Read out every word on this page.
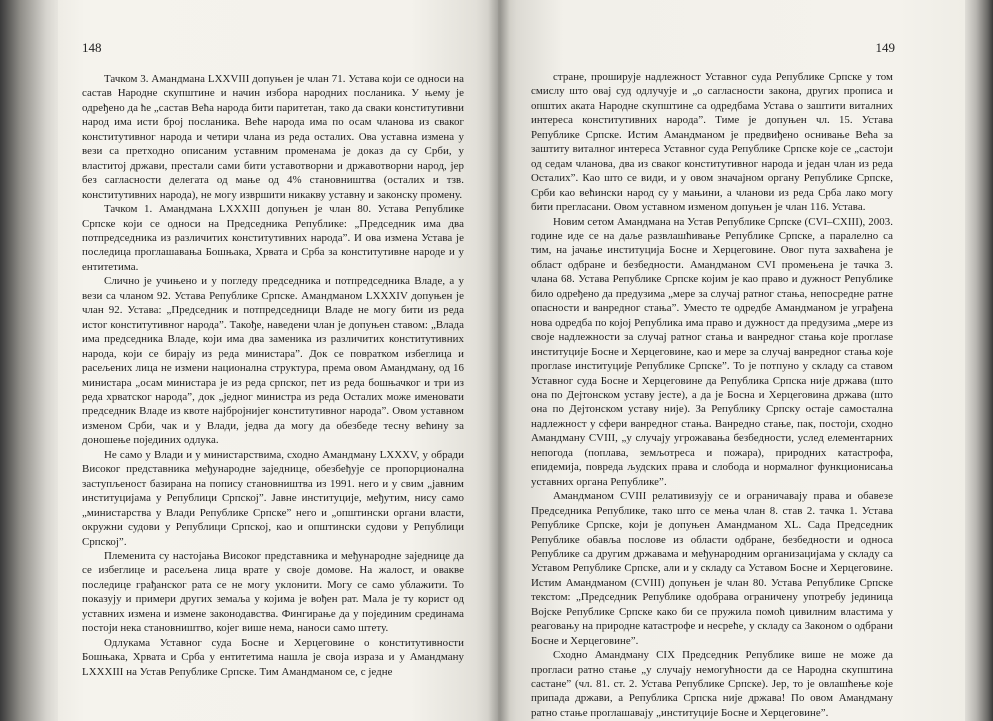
148

Тачком 3. Амандмана LXXVIII допуњен је члан 71. Устава који се односи на састав Народне скупштине и начин избора народних посланика. У њему је одређено да ће „састав Већа народа бити паритетан, тако да сваки конститутивни народ има исти број посланика. Веће народа има по осам чланова из сваког конститутивног народа и четири члана из реда осталих. Ова уставна измена у вези са претходно описаним уставним променама је доказ да су Срби, у властитој држави, престали сами бити уставотворни и државотворни народ, јер без сагласности делегата од мање од 4% становништва (осталих и тзв. конститутивних народа), не могу извршити никакву уставну и законску промену.

Тачком 1. Амандмана LXXXIII допуњен је члан 80. Устава Републике Српске који се односи на Председника Републике: „Председник има два потпредседника из различитих конститутивних народа”. И ова измена Устава је последица проглашавања Бошњака, Хрвата и Срба за конститутивне народе и у ентитетима.

Слично је учињено и у погледу председника и потпредседника Владе, а у вези са чланом 92. Устава Републике Српске. Амандманом LXXXIV допуњен је члан 92. Устава: „Председник и потпредседници Владе не могу бити из реда истог конститутивног народа”. Такође, наведени члан је допуњен ставом: „Влада има председника Владе, који има два заменика из различитих конститутивних народа, који се бирају из реда министара”. Док се повратком избеглица и расељених лица не измени национална структура, према овом Амандману, од 16 министара „осам министара је из реда српског, пет из реда бошњачког и три из реда хрватског народа”, док „једног министра из реда Осталих може именовати председник Владе из квоте најбројнијег конститутивног народа”. Овом уставном изменом Срби, чак и у Влади, једва да могу да обезбеде тесну већину за доношење појединих одлука.

Не само у Влади и у министарствима, сходно Амандману LXXXV, у обради Високог представника међународне заједнице, обезбеђује се пропорционална заступљеност базирана на попису становништва из 1991. него и у свим „јавним институцијама у Републици Српској”. Јавне институције, међутим, нису само „министарства у Влади Републике Српске” него и „општински органи власти, окружни судови у Републици Српској, као и општински судови у Републици Српској”.

Племенита су настојања Високог представника и међународне заједнице да се избеглице и расељена лица врате у своје домове. На жалост, и овакве последице грађанског рата се не могу уклонити. Могу се само ублажити. То показују и примери других земаља у којима је вођен рат. Мала је ту корист од уставних измена и измене законодавства. Фингирање да у појединим срединама постоји нека становништво, којег више нема, наноси само штету.

Одлукама Уставног суда Босне и Херцеговине о конститутивности Бошњака, Хрвата и Срба у ентитетима нашла је своја израза и у Амандману LXXXIII на Устав Републике Српске. Тим Амандманом се, с једне

149

стране, проширује надлежност Уставног суда Републике Српске у том смислу што овај суд одлучује и „о сагласности закона, других прописа и општих аката Народне скупштине са одредбама Устава о заштити виталних интереса конститутивних народа”. Тиме је допуњен чл. 15. Устава Републике Српске. Истим Амандманом је предвиђено оснивање Већа за заштиту виталног интереса Уставног суда Републике Српске које се „састоји од седам чланова, два из сваког конститутивног народа и један члан из реда Осталих”. Као што се види, и у овом значајном органу Републике Српске, Срби као већински народ су у мањини, а чланови из реда Срба лако могу бити прегласани. Овом уставном изменом допуњен је члан 116. Устава.

Новим сетом Амандмана на Устав Републике Српске (CVI–CXIII), 2003. године иде се на даље развлашћивање Републике Српске, а паралелно са тим, на јачање институција Босне и Херцеговине. Овог пута захваћена је област одбране и безбедности. Амандманом CVI промењена је тачка 3. члана 68. Устава Републике Српске којим је као право и дужност Републике било одређено да предузима „мере за случај ратног стања, непосредне ратне опасности и ванредног стања”. Уместо те одредбе Амандманом је уграђена нова одредба по којој Република има право и дужност да предузима „мере из своје надлежности за случај ратног стања и ванредног стања које проглase институције Босне и Херцеговине, као и мере за случај ванредног стања које проглase институције Републике Српске”. То је потпуно у складу са ставом Уставног суда Босне и Херцеговине да Република Српска није држава (што она по Дејтонском уставу јесте), а да је Босна и Херцеговина држава (што она по Дејтонском уставу није). За Републику Српску остаје самостална надлежност у сфери ванредног стања. Ванредно стање, пак, постоји, сходно Амандману CVIII, „у случају угрожавања безбедности, услед елементарних непогода (поплава, земљотреса и пожара), природних катастрофа, епидемија, повреда људских права и слобода и нормалног функционисања уставних органа Републике”.

Амандманом CVIII релативизују се и ограничавају права и обавезе Председника Републике, тако што се мења члан 8. став 2. тачка 1. Устава Републике Српске, који је допуњен Амандманом XL. Сада Председник Републике обавља послове из области одбране, безбедности и односа Републике са другим државама и међународним организацијама у складу са Уставом Републике Српске, али и у складу са Уставом Босне и Херцеговине. Истим Амандманом (CVIII) допуњен је члан 80. Устава Републике Српске текстом: „Председник Републике одобрава ограничену употребу јединица Војске Републике Српске како би се пружила помоћ цивилним властима у реаговању на природне катастрофе и несреће, у складу са Законом о одбрани Босне и Херцеговине”.

Сходно Амандману CIX Председник Републике више не може да прогласи ратно стање „у случају немогућности да се Народна скупштина састане” (чл. 81. ст. 2. Устава Републике Српске). Јер, то је овлашћење које припада држави, а Република Српска није држава! По овом Амандману ратно стање проглашавају „институције Босне и Херцеговине”.
